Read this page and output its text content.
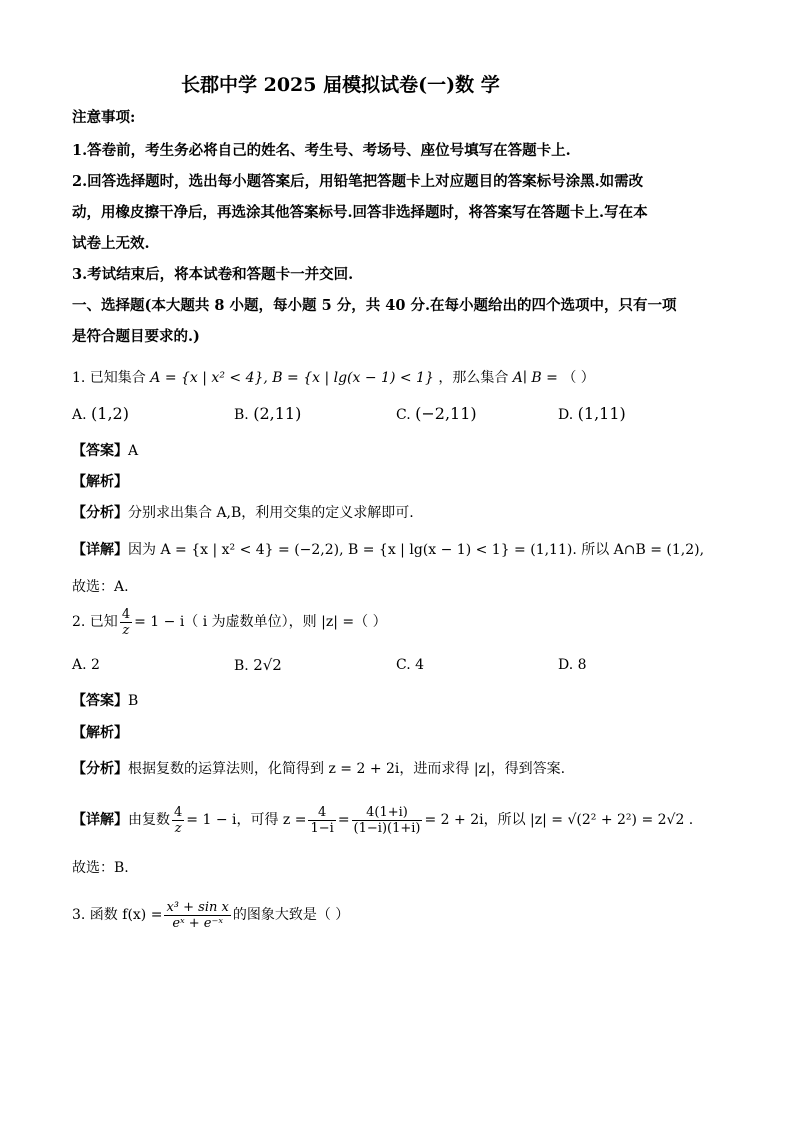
长郡中学 2025 届模拟试卷(一)数 学
注意事项:
1.答卷前，考生务必将自己的姓名、考生号、考场号、座位号填写在答题卡上.
2.回答选择题时，选出每小题答案后，用铅笔把答题卡上对应题目的答案标号涂黑.如需改
动，用橡皮擦干净后，再选涂其他答案标号.回答非选择题时，将答案写在答题卡上.写在本
试卷上无效.
3.考试结束后，将本试卷和答题卡一并交回.
一、选择题(本大题共 8 小题，每小题 5 分，共 40 分.在每小题给出的四个选项中，只有一项
是符合题目要求的.)
1. 已知集合 A = {x | x² < 4}, B = {x | lg(x − 1) < 1} ，那么集合 A∣ B = （ ）
A. (1,2)	B. (2,11)	C. (−2,11)	D. (1,11)
【答案】A
【解析】
【分析】分别求出集合 A,B，利用交集的定义求解即可.
【详解】因为 A = {x | x² < 4} = (−2,2), B = {x | lg(x − 1) < 1} = (1,11). 所以 A∩B = (1,2),
故选：A.
2. 已知 $\frac{4}{z} = 1 - i$（ i 为虚数单位），则 |z| =（ ）
A. 2	B. 2√2	C. 4	D. 8
【答案】B
【解析】
【分析】根据复数的运算法则，化简得到 z = 2 + 2i，进而求得 |z|，得到答案.
【详解】由复数 $\frac{4}{z} = 1 - i$，可得 $z = \frac{4}{1-i} = \frac{4(1+i)}{(1-i)(1+i)} = 2 + 2i$，所以 |z| = √(2² + 2²) = 2√2 .
故选：B.
3. 函数 $f(x) = \frac{\text{x³ + sin x}}{\text{eˣ + e⁻ˣ}}$ 的图象大致是（ ）
